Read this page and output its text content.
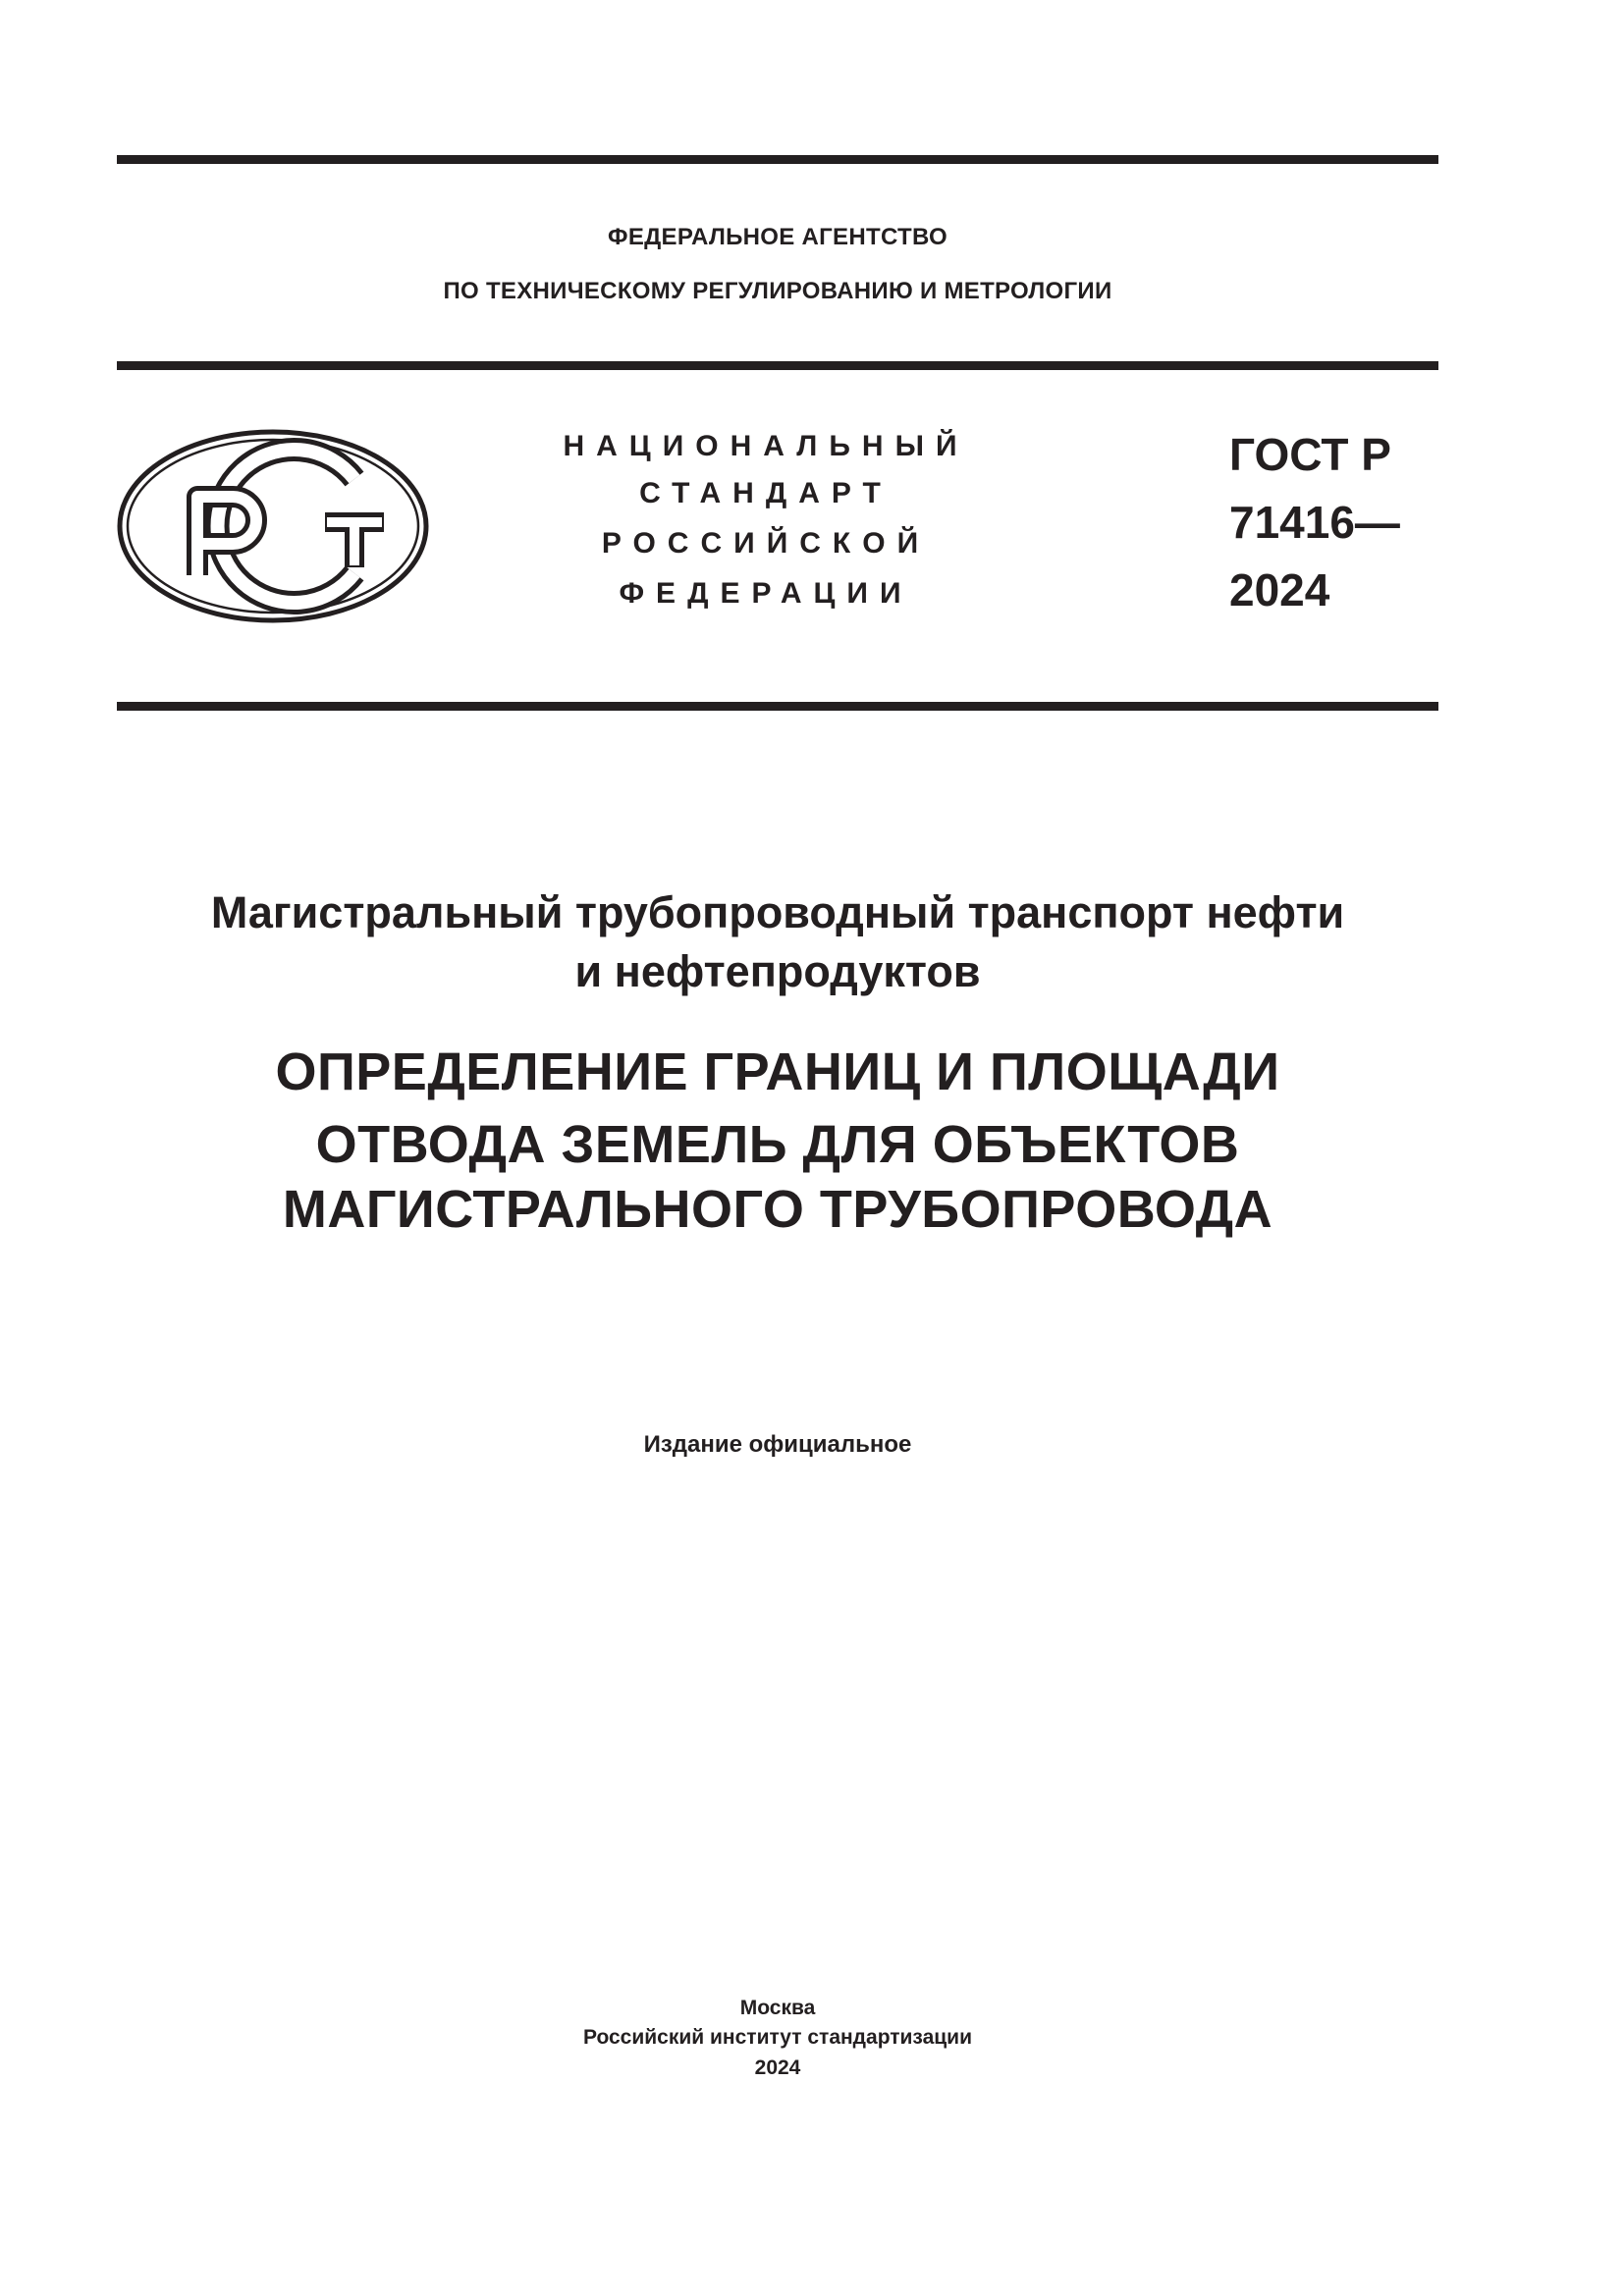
ФЕДЕРАЛЬНОЕ АГЕНТСТВО
ПО ТЕХНИЧЕСКОМУ РЕГУЛИРОВАНИЮ И МЕТРОЛОГИИ
НАЦИОНАЛЬНЫЙ
СТАНДАРТ
РОССИЙСКОЙ
ФЕДЕРАЦИИ
ГОСТ Р
71416—
2024
Магистральный трубопроводный транспорт нефти
и нефтепродуктов
ОПРЕДЕЛЕНИЕ ГРАНИЦ И ПЛОЩАДИ
ОТВОДА ЗЕМЕЛЬ ДЛЯ ОБЪЕКТОВ
МАГИСТРАЛЬНОГО ТРУБОПРОВОДА
Издание официальное
Москва
Российский институт стандартизации
2024
